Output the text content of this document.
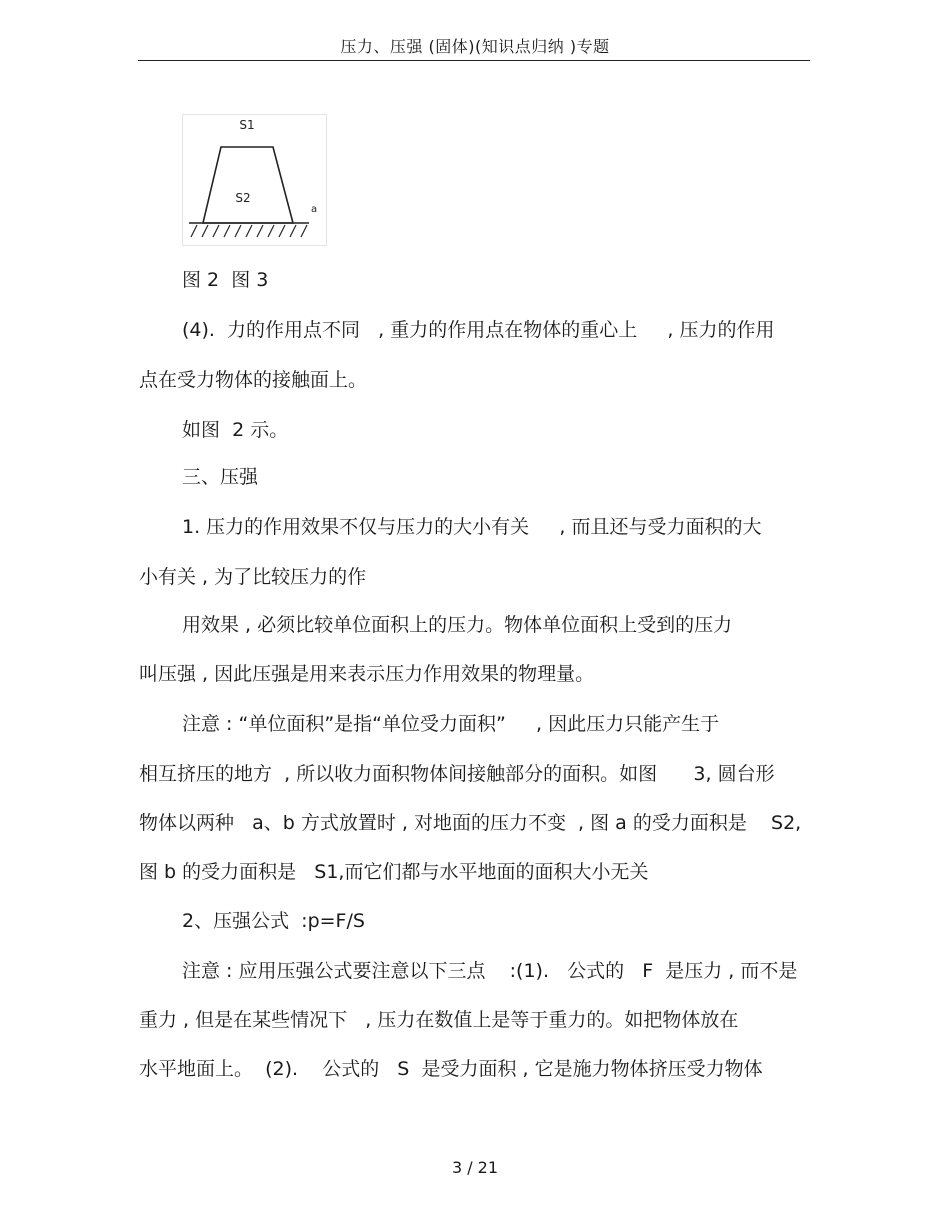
压力、压强 (固体)(知识点归纳 )专题
S1
S2
a
图 2  图 3
(4).  力的作用点不同   , 重力的作用点在物体的重心上     , 压力的作用
点在受力物体的接触面上。
如图  2 示。
三、压强
1. 压力的作用效果不仅与压力的大小有关     , 而且还与受力面积的大
小有关 , 为了比较压力的作
用效果 , 必须比较单位面积上的压力。物体单位面积上受到的压力
叫压强 , 因此压强是用来表示压力作用效果的物理量。
注意 : “单位面积”是指“单位受力面积”     , 因此压力只能产生于
相互挤压的地方  , 所以收力面积物体间接触部分的面积。如图      3, 圆台形
物体以两种   a、b 方式放置时 , 对地面的压力不变  , 图 a 的受力面积是    S2,
图 b 的受力面积是   S1,而它们都与水平地面的面积大小无关
2、压强公式  :p=F/S
注意 : 应用压强公式要注意以下三点    :(1).   公式的   F  是压力 , 而不是
重力 , 但是在某些情况下   , 压力在数值上是等于重力的。如把物体放在
水平地面上。  (2).    公式的   S  是受力面积 , 它是施力物体挤压受力物体
3 / 21
